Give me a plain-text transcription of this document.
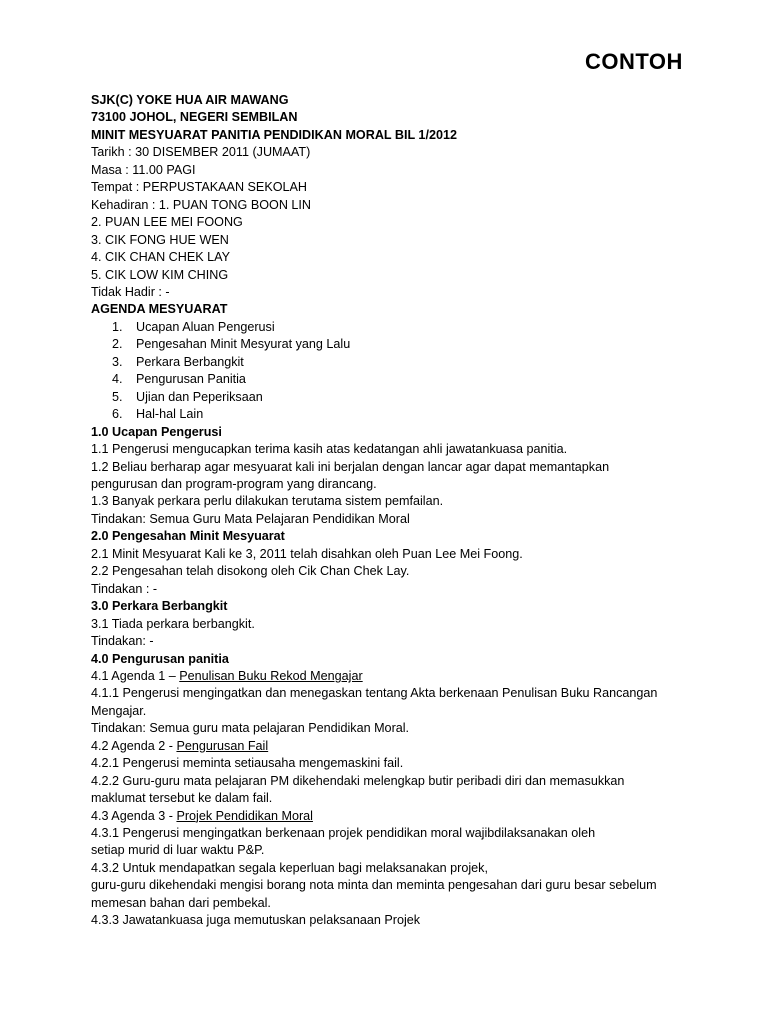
CONTOH
SJK(C) YOKE HUA AIR MAWANG
73100 JOHOL, NEGERI SEMBILAN
MINIT MESYUARAT PANITIA PENDIDIKAN MORAL BIL 1/2012
Tarikh : 30 DISEMBER 2011 (JUMAAT)
Masa : 11.00 PAGI
Tempat : PERPUSTAKAAN SEKOLAH
Kehadiran : 1. PUAN TONG BOON LIN
2. PUAN LEE MEI FOONG
3. CIK FONG HUE WEN
4. CIK CHAN CHEK LAY
5. CIK LOW KIM CHING
Tidak Hadir : -
AGENDA MESYUARAT
1. Ucapan Aluan Pengerusi
2. Pengesahan Minit Mesyurat yang Lalu
3. Perkara Berbangkit
4. Pengurusan Panitia
5. Ujian dan Peperiksaan
6. Hal-hal Lain
1.0 Ucapan Pengerusi
1.1 Pengerusi mengucapkan terima kasih atas kedatangan ahli jawatankuasa panitia.
1.2 Beliau berharap agar mesyuarat kali ini berjalan dengan lancar agar dapat memantapkan
pengurusan dan program-program yang dirancang.
1.3 Banyak perkara perlu dilakukan terutama sistem pemfailan.
Tindakan: Semua Guru Mata Pelajaran Pendidikan Moral
2.0 Pengesahan Minit Mesyuarat
2.1 Minit Mesyuarat Kali ke 3, 2011 telah disahkan oleh Puan Lee Mei Foong.
2.2 Pengesahan telah disokong oleh Cik Chan Chek Lay.
Tindakan : -
3.0 Perkara Berbangkit
3.1 Tiada perkara berbangkit.
Tindakan: -
4.0 Pengurusan panitia
4.1 Agenda 1 – Penulisan Buku Rekod Mengajar
4.1.1 Pengerusi mengingatkan dan menegaskan tentang Akta berkenaan Penulisan Buku Rancangan
Mengajar.
Tindakan: Semua guru mata pelajaran Pendidikan Moral.
4.2 Agenda 2 - Pengurusan Fail
4.2.1 Pengerusi meminta setiausaha mengemaskini fail.
4.2.2 Guru-guru mata pelajaran PM dikehendaki melengkap butir peribadi diri dan memasukkan
maklumat tersebut ke dalam fail.
4.3 Agenda 3 - Projek Pendidikan Moral
4.3.1 Pengerusi mengingatkan berkenaan projek pendidikan moral wajibdilaksanakan oleh
setiap murid di luar waktu P&P.
4.3.2 Untuk mendapatkan segala keperluan bagi melaksanakan projek,
guru-guru dikehendaki mengisi borang nota minta dan meminta pengesahan dari guru besar sebelum
memesan bahan dari pembekal.
4.3.3 Jawatankuasa juga memutuskan pelaksanaan Projek
